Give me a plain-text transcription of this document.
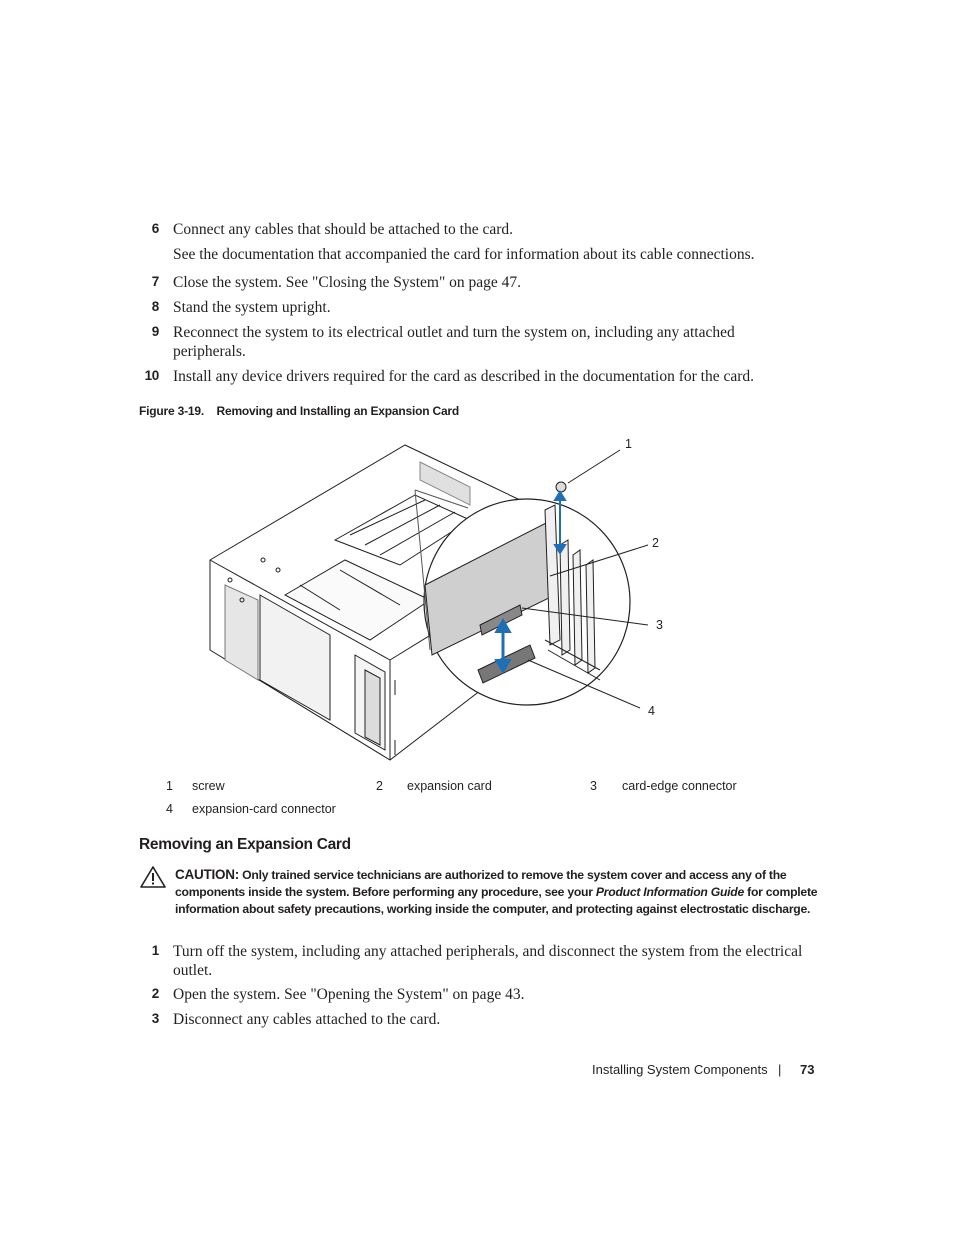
6 Connect any cables that should be attached to the card.
See the documentation that accompanied the card for information about its cable connections.
7 Close the system. See "Closing the System" on page 47.
8 Stand the system upright.
9 Reconnect the system to its electrical outlet and turn the system on, including any attached peripherals.
10 Install any device drivers required for the card as described in the documentation for the card.
Figure 3-19. Removing and Installing an Expansion Card
1
2
3
4
1 screw	2 expansion card	3 card-edge connector
4 expansion-card connector
Removing an Expansion Card
CAUTION: Only trained service technicians are authorized to remove the system cover and access any of the components inside the system. Before performing any procedure, see your Product Information Guide for complete information about safety precautions, working inside the computer, and protecting against electrostatic discharge.
1 Turn off the system, including any attached peripherals, and disconnect the system from the electrical outlet.
2 Open the system. See "Opening the System" on page 43.
3 Disconnect any cables attached to the card.
Installing System Components | 73
